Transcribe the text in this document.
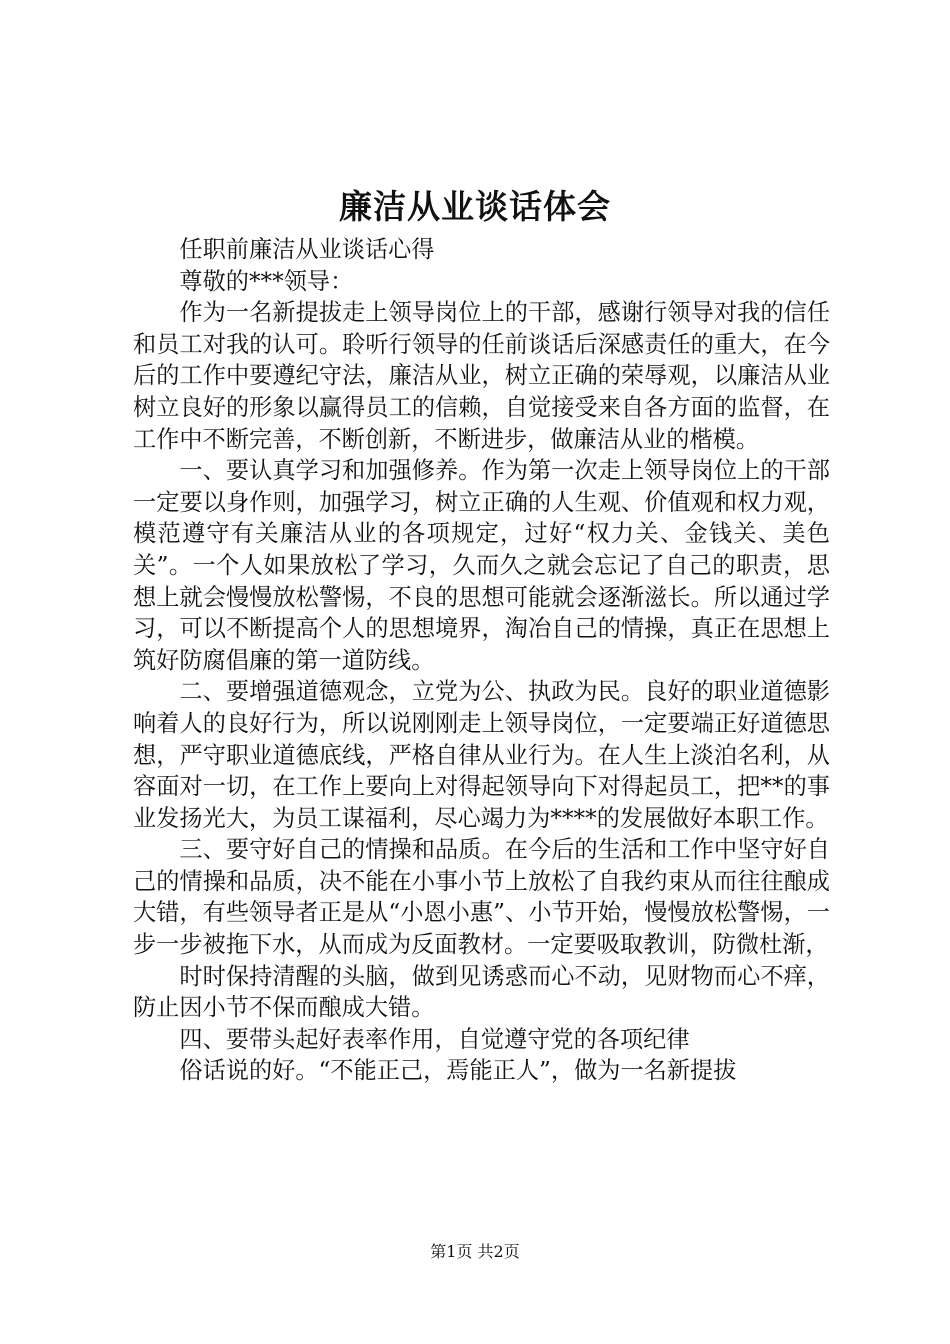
廉洁从业谈话体会

任职前廉洁从业谈话心得

尊敬的***领导：

作为一名新提拔走上领导岗位上的干部，感谢行领导对我的信任和员工对我的认可。聆听行领导的任前谈话后深感责任的重大，在今后的工作中要遵纪守法，廉洁从业，树立正确的荣辱观，以廉洁从业树立良好的形象以赢得员工的信赖，自觉接受来自各方面的监督，在工作中不断完善，不断创新，不断进步，做廉洁从业的楷模。

一、要认真学习和加强修养。作为第一次走上领导岗位上的干部一定要以身作则，加强学习，树立正确的人生观、价值观和权力观，模范遵守有关廉洁从业的各项规定，过好“权力关、金钱关、美色关”。一个人如果放松了学习，久而久之就会忘记了自己的职责，思想上就会慢慢放松警惕，不良的思想可能就会逐渐滋长。所以通过学习，可以不断提高个人的思想境界，淘冶自己的情操，真正在思想上筑好防腐倡廉的第一道防线。

二、要增强道德观念，立党为公、执政为民。良好的职业道德影响着人的良好行为，所以说刚刚走上领导岗位，一定要端正好道德思想，严守职业道德底线，严格自律从业行为。在人生上淡泊名利，从容面对一切，在工作上要向上对得起领导向下对得起员工，把**的事业发扬光大，为员工谋福利，尽心竭力为****的发展做好本职工作。

三、要守好自己的情操和品质。在今后的生活和工作中坚守好自己的情操和品质，决不能在小事小节上放松了自我约束从而往往酿成大错，有些领导者正是从“小恩小惠”、小节开始，慢慢放松警惕，一步一步被拖下水，从而成为反面教材。一定要吸取教训，防微杜渐，

时时保持清醒的头脑，做到见诱惑而心不动，见财物而心不痒，防止因小节不保而酿成大错。

四、要带头起好表率作用，自觉遵守党的各项纪律

俗话说的好。“不能正己，焉能正人”，做为一名新提拔

第1页 共2页
